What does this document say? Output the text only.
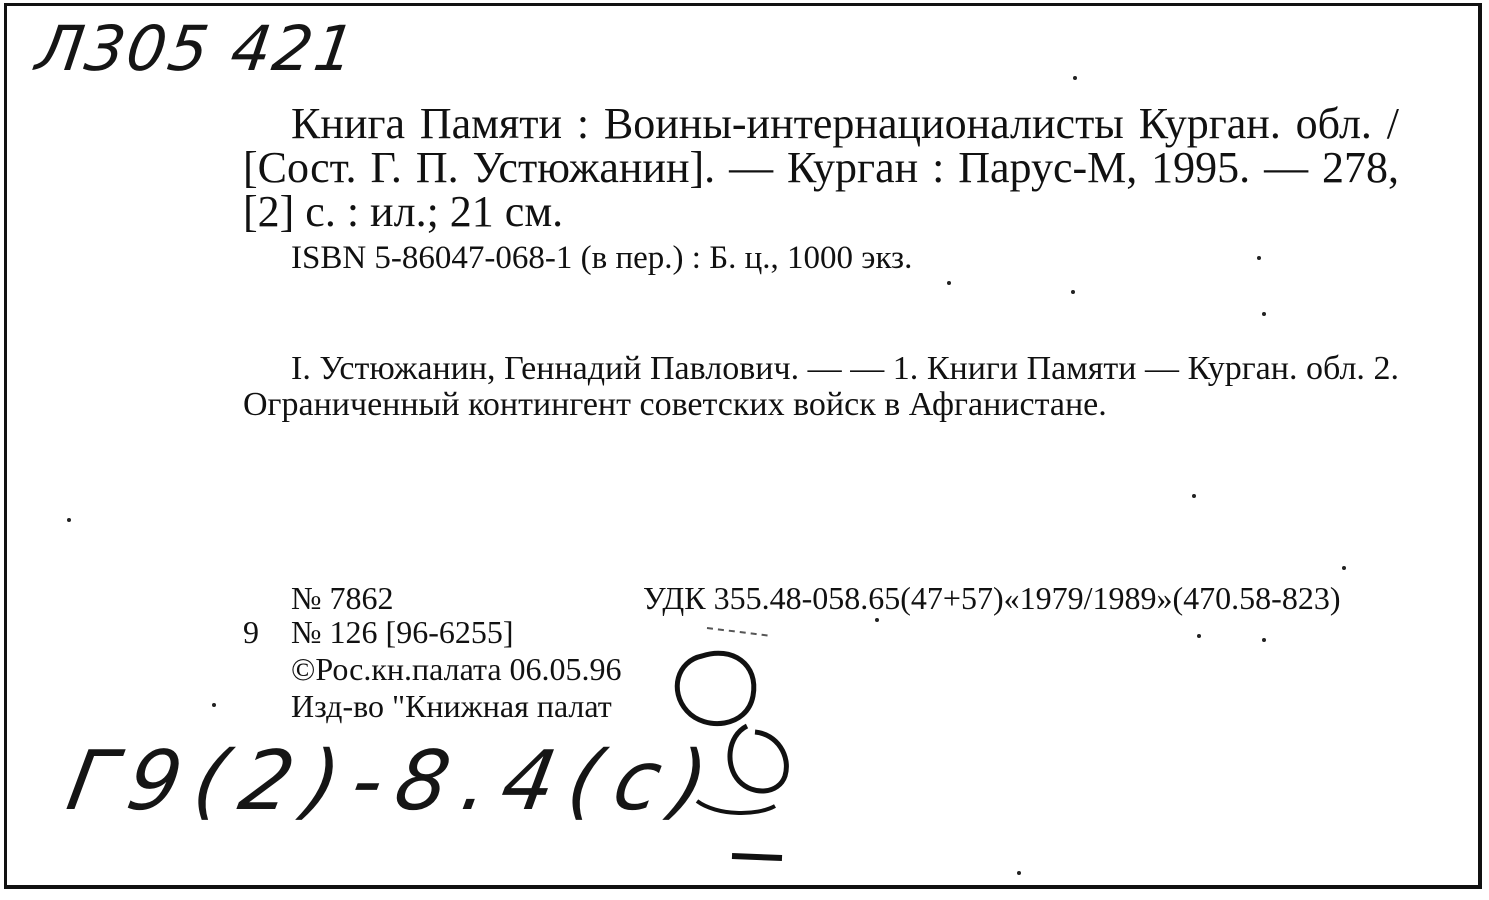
Л305 421

Книга Памяти : Воины-интернационалисты Курган. обл. / [Сост. Г. П. Устюжанин]. — Курган : Парус-М, 1995. — 278,[2] с. : ил.; 21 см.

ISBN 5-86047-068-1 (в пер.) : Б. ц., 1000 экз.

I. Устюжанин, Геннадий Павлович. — — 1. Книги Памяти — Курган. обл. 2. Ограниченный контингент советских войск в Афганистане.

№ 7862	УДК 355.48-058.65(47+57)«1979/1989»(470.58-823)
9 № 126 [96-6255]
©Рос.кн.палата 06.05.96
Изд-во "Книжная палат
Г9(2)-8.4(с)
